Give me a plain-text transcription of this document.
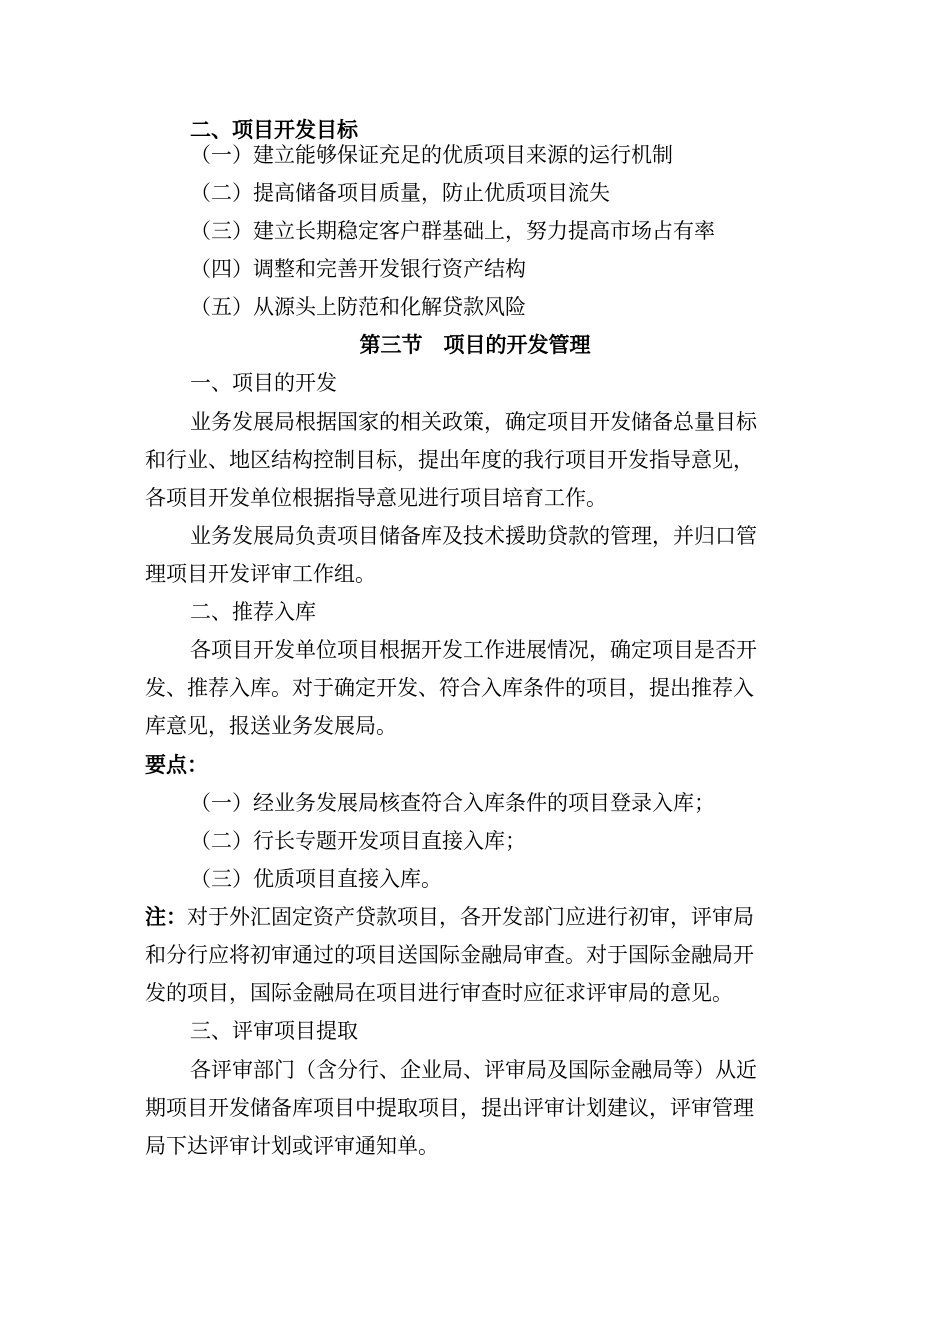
二、项目开发目标
（一）建立能够保证充足的优质项目来源的运行机制
（二）提高储备项目质量，防止优质项目流失
（三）建立长期稳定客户群基础上，努力提高市场占有率
（四）调整和完善开发银行资产结构
（五）从源头上防范和化解贷款风险
第三节　项目的开发管理
一、项目的开发
业务发展局根据国家的相关政策，确定项目开发储备总量目标
和行业、地区结构控制目标，提出年度的我行项目开发指导意见，
各项目开发单位根据指导意见进行项目培育工作。
业务发展局负责项目储备库及技术援助贷款的管理，并归口管
理项目开发评审工作组。
二、推荐入库
各项目开发单位项目根据开发工作进展情况，确定项目是否开
发、推荐入库。对于确定开发、符合入库条件的项目，提出推荐入
库意见，报送业务发展局。
要点：
（一）经业务发展局核查符合入库条件的项目登录入库；
（二）行长专题开发项目直接入库；
（三）优质项目直接入库。
注：对于外汇固定资产贷款项目，各开发部门应进行初审，评审局
和分行应将初审通过的项目送国际金融局审查。对于国际金融局开
发的项目，国际金融局在项目进行审查时应征求评审局的意见。
三、评审项目提取
各评审部门（含分行、企业局、评审局及国际金融局等）从近
期项目开发储备库项目中提取项目，提出评审计划建议，评审管理
局下达评审计划或评审通知单。
